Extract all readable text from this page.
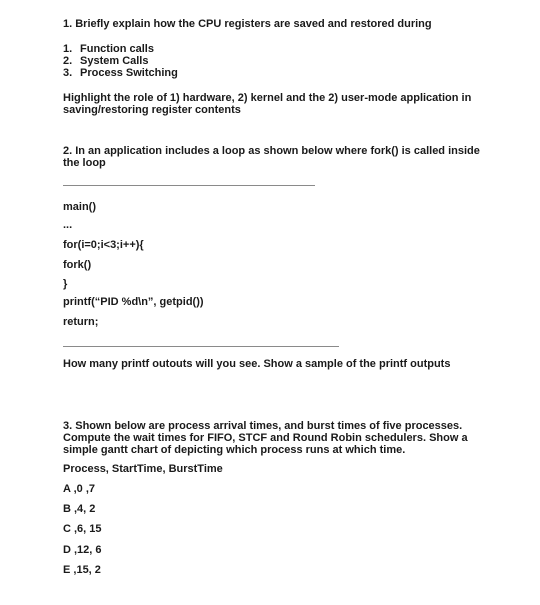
1. Briefly explain how the CPU registers are saved and restored during
1. Function calls
2. System Calls
3. Process Switching
Highlight the role of 1) hardware, 2) kernel and the 2) user-mode application in
saving/restoring register contents
2. In an application includes a loop as shown below where fork() is called inside
the loop
main()
...
for(i=0;i<3;i++){
fork()
}
printf(“PID %d\n”, getpid())
return;
How many printf outouts will you see. Show a sample of the printf outputs
3. Shown below are process arrival times, and burst times of five processes.
Compute the wait times for FIFO, STCF and Round Robin schedulers. Show a
simple gantt chart of depicting which process runs at which time.
Process, StartTime, BurstTime
A ,0 ,7
B ,4, 2
C ,6, 15
D ,12, 6
E ,15, 2
